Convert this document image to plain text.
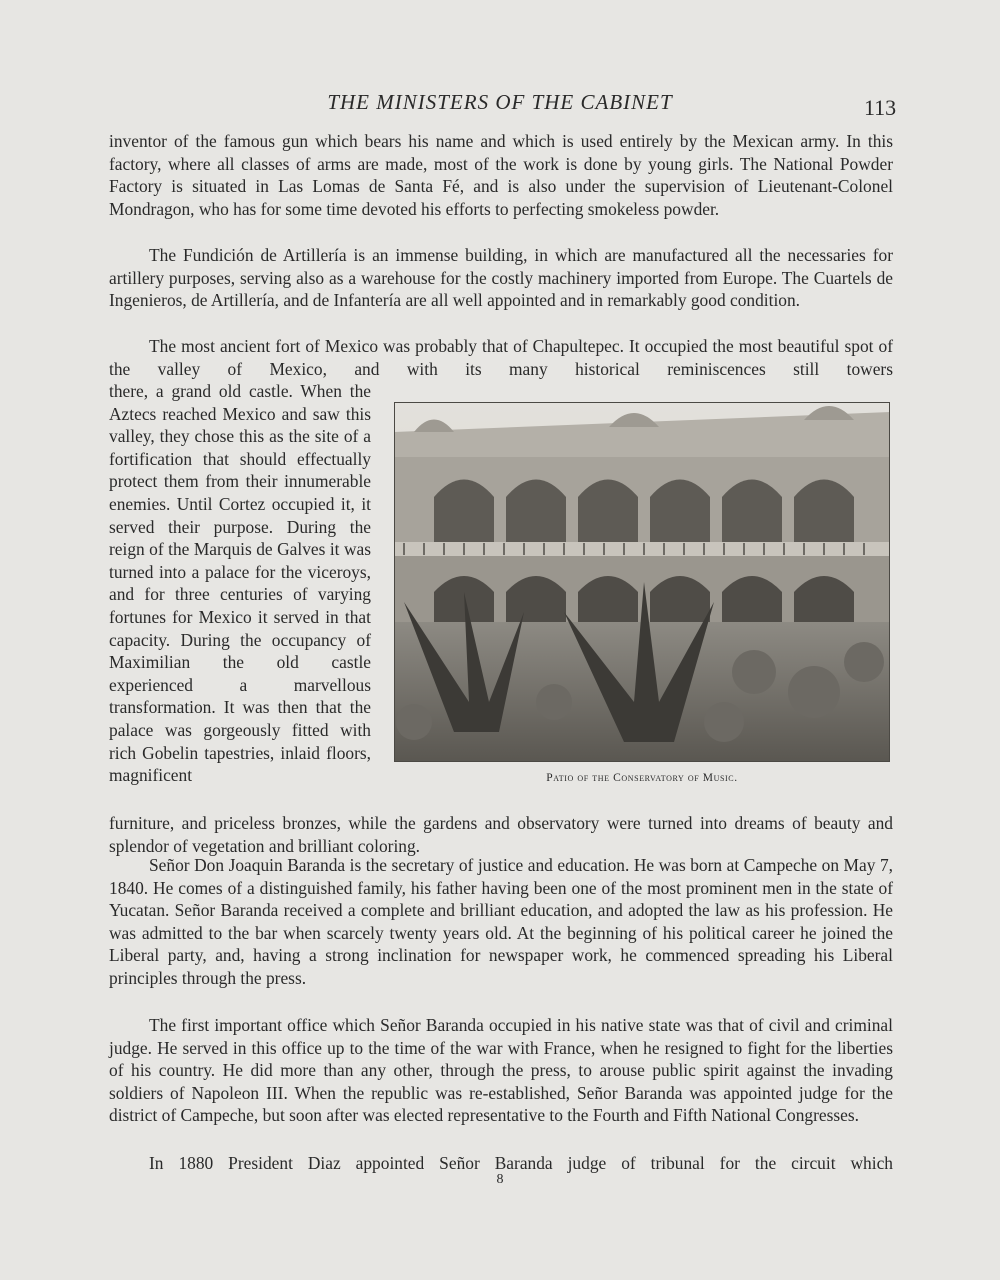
THE MINISTERS OF THE CABINET	113

inventor of the famous gun which bears his name and which is used entirely by the Mexican army. In this factory, where all classes of arms are made, most of the work is done by young girls. The National Powder Factory is situated in Las Lomas de Santa Fé, and is also under the supervision of Lieutenant-Colonel Mondragon, who has for some time devoted his efforts to perfecting smokeless powder.

The Fundición de Artillería is an immense building, in which are manufactured all the necessaries for artillery purposes, serving also as a warehouse for the costly machinery imported from Europe. The Cuartels de Ingenieros, de Artillería, and de Infantería are all well appointed and in remarkably good condition.

The most ancient fort of Mexico was probably that of Chapultepec. It occupied the most beautiful spot of the valley of Mexico, and with its many historical reminiscences still towers

there, a grand old castle. When the Aztecs reached Mexico and saw this valley, they chose this as the site of a fortification that should effectually protect them from their innumerable enemies. Until Cortez occupied it, it served their purpose. During the reign of the Marquis de Galves it was turned into a palace for the viceroys, and for three centuries of varying fortunes for Mexico it served in that capacity. During the occupancy of Maximilian the old castle experienced a marvellous transformation. It was then that the palace was gorgeously fitted with rich Gobelin tapestries, inlaid floors, magnificent	Patio of the Conservatory of Music.

furniture, and priceless bronzes, while the gardens and observatory were turned into dreams of beauty and splendor of vegetation and brilliant coloring.

Señor Don Joaquin Baranda is the secretary of justice and education. He was born at Campeche on May 7, 1840. He comes of a distinguished family, his father having been one of the most prominent men in the state of Yucatan. Señor Baranda received a complete and brilliant education, and adopted the law as his profession. He was admitted to the bar when scarcely twenty years old. At the beginning of his political career he joined the Liberal party, and, having a strong inclination for newspaper work, he commenced spreading his Liberal principles through the press.

The first important office which Señor Baranda occupied in his native state was that of civil and criminal judge. He served in this office up to the time of the war with France, when he resigned to fight for the liberties of his country. He did more than any other, through the press, to arouse public spirit against the invading soldiers of Napoleon III. When the republic was re-established, Señor Baranda was appointed judge for the district of Campeche, but soon after was elected representative to the Fourth and Fifth National Congresses.

In 1880 President Diaz appointed Señor Baranda judge of tribunal for the circuit which

8
